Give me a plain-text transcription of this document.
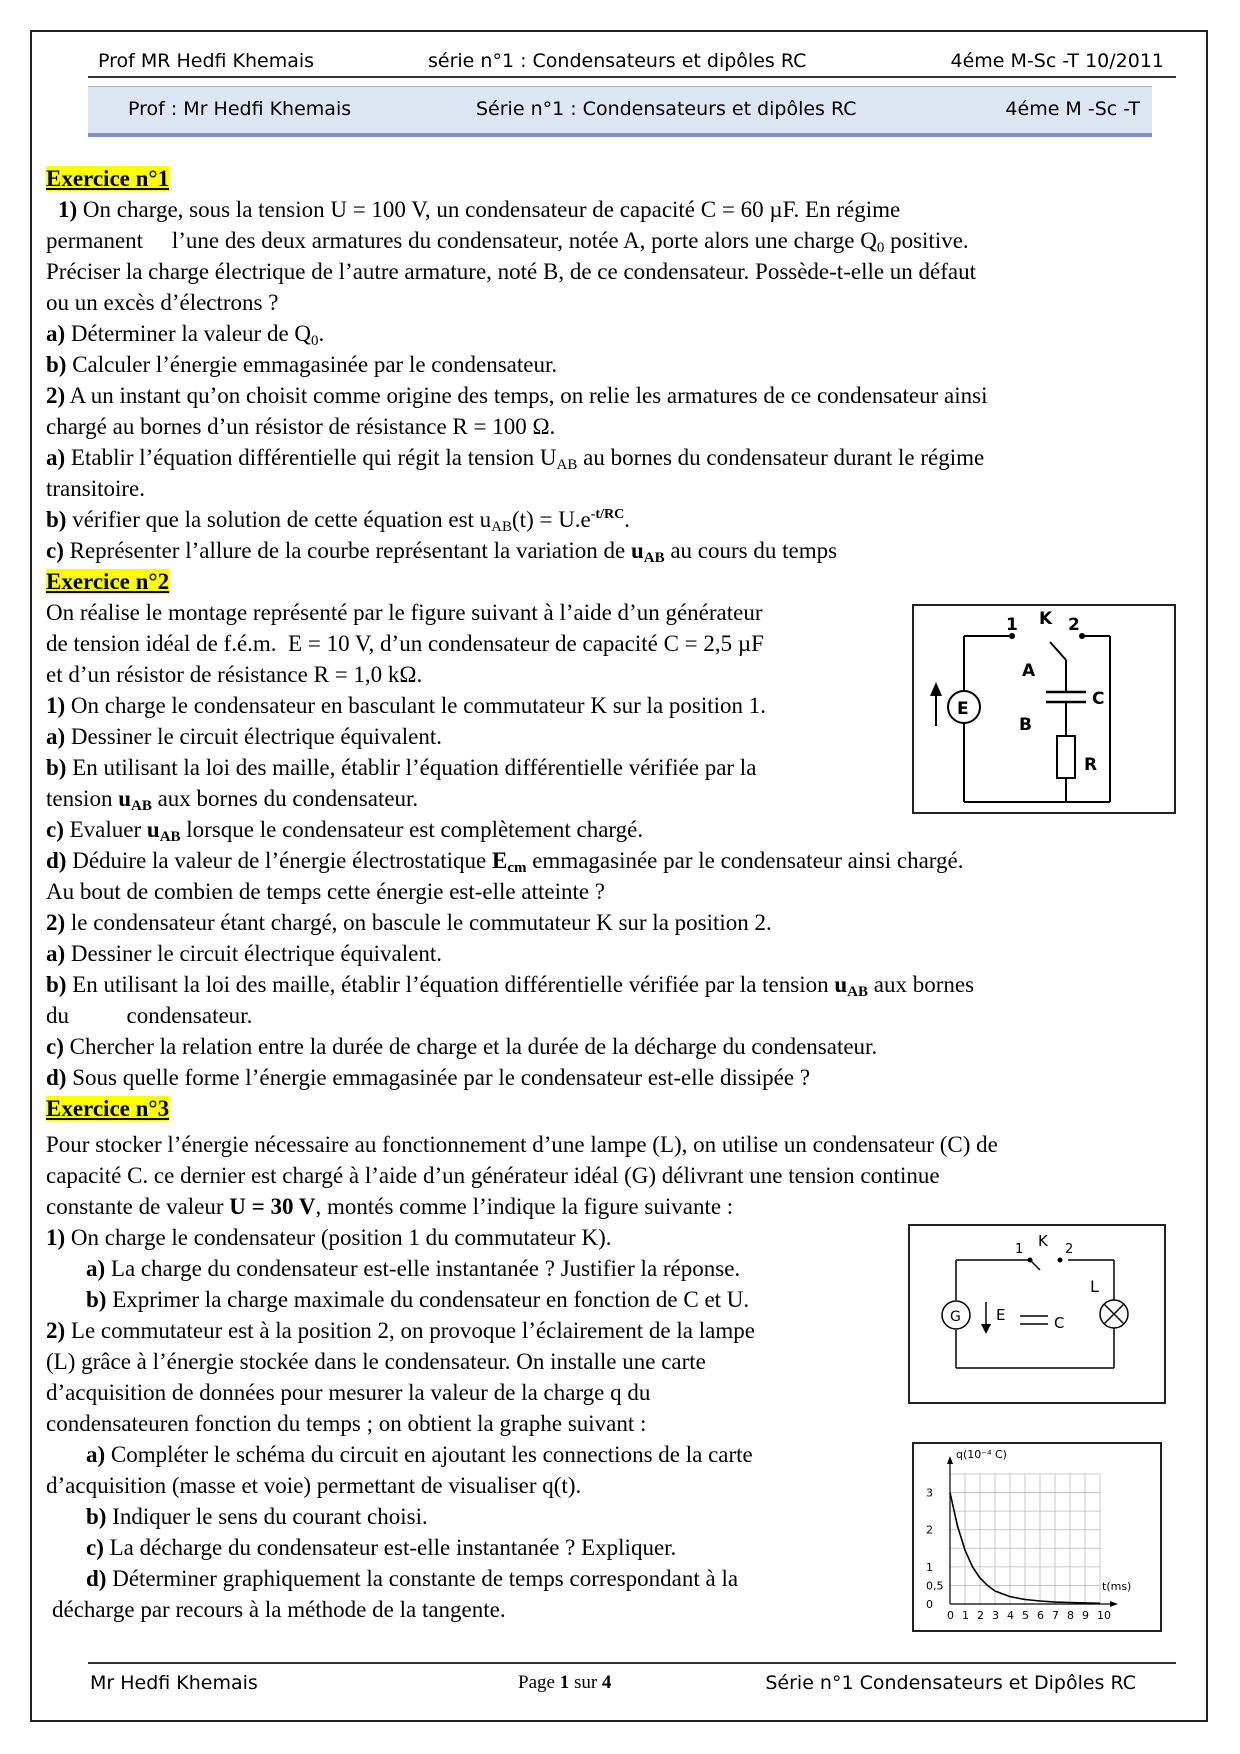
Prof MR Hedfi Khemais	série n°1 : Condensateurs et dipôles RC	4éme M-Sc -T 10/2011
Prof : Mr Hedfi Khemais	Série n°1 : Condensateurs et dipôles RC	4éme M -Sc -T
Exercice n°1
1) On charge, sous la tension U = 100 V, un condensateur de capacité C = 60 µF. En régime
permanent     l’une des deux armatures du condensateur, notée A, porte alors une charge $Q_0$ positive.
Préciser la charge électrique de l’autre armature, noté B, de ce condensateur. Possède-t-elle un défaut
ou un excès d’électrons ?
a) Déterminer la valeur de $Q_0$.
b) Calculer l’énergie emmagasinée par le condensateur.
2) A un instant qu’on choisit comme origine des temps, on relie les armatures de ce condensateur ainsi
chargé au bornes d’un résistor de résistance R = 100 Ω.
a) Etablir l’équation différentielle qui régit la tension $U_{AB}$ au bornes du condensateur durant le régime
transitoire.
b) vérifier que la solution de cette équation est $u_{AB}(t) = U.e^{-t/RC}$.
c) Représenter l’allure de la courbe représentant la variation de $u_{AB}$ au cours du temps
Exercice n°2
On réalise le montage représenté par le figure suivant à l’aide d’un générateur
de tension idéal de f.é.m.  E = 10 V, d’un condensateur de capacité C = 2,5 µF
et d’un résistor de résistance R = 1,0 kΩ.
1) On charge le condensateur en basculant le commutateur K sur la position 1.
a) Dessiner le circuit électrique équivalent.
b) En utilisant la loi des maille, établir l’équation différentielle vérifiée par la
tension $u_{AB}$ aux bornes du condensateur.
c) Evaluer $u_{AB}$ lorsque le condensateur est complètement chargé.
d) Déduire la valeur de l’énergie électrostatique $E_{cm}$ emmagasinée par le condensateur ainsi chargé.
Au bout de combien de temps cette énergie est-elle atteinte ?
2) le condensateur étant chargé, on bascule le commutateur K sur la position 2.
a) Dessiner le circuit électrique équivalent.
b) En utilisant la loi des maille, établir l’équation différentielle vérifiée par la tension $u_{AB}$ aux bornes
du          condensateur.
c) Chercher la relation entre la durée de charge et la durée de la décharge du condensateur.
d) Sous quelle forme l’énergie emmagasinée par le condensateur est-elle dissipée ?
Exercice n°3
Pour stocker l’énergie nécessaire au fonctionnement d’une lampe (L), on utilise un condensateur (C) de
capacité C. ce dernier est chargé à l’aide d’un générateur idéal (G) délivrant une tension continue
constante de valeur U = 30 V, montés comme l’indique la figure suivante :
1) On charge le condensateur (position 1 du commutateur K).
a) La charge du condensateur est-elle instantanée ? Justifier la réponse.
b) Exprimer la charge maximale du condensateur en fonction de C et U.
2) Le commutateur est à la position 2, on provoque l’éclairement de la lampe
(L) grâce à l’énergie stockée dans le condensateur. On installe une carte
d’acquisition de données pour mesurer la valeur de la charge q du
condensateuren fonction du temps ; on obtient la graphe suivant :
a) Compléter le schéma du circuit en ajoutant les connections de la carte
d’acquisition (masse et voie) permettant de visualiser q(t).
b) Indiquer le sens du courant choisi.
c) La décharge du condensateur est-elle instantanée ? Expliquer.
d) Déterminer graphiquement la constante de temps correspondant à la
décharge par recours à la méthode de la tangente.
1 K 2
A
C
B
E
R
1 K 2
L
G E	C
0 1 2 3 4 5 6 7 8 9 10
0
0,5
1
2
3
q(10⁻⁴ C)
t(ms)
Mr Hedfi Khemais	Page 1 sur 4	Série n°1 Condensateurs et Dipôles RC
